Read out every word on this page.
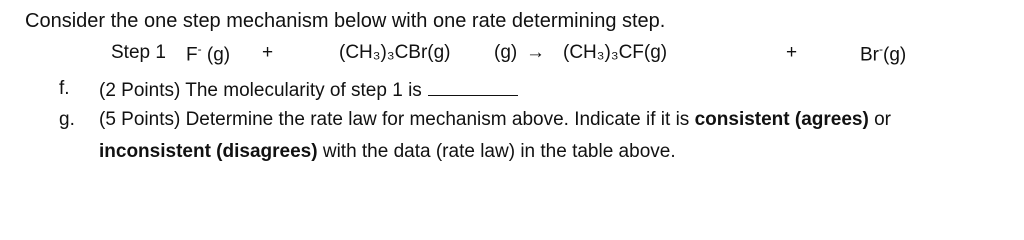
Consider the one step mechanism below with one rate determining step.
Step 1 F- (g) +	(CH₃)₃CBr(g) (g) → (CH₃)₃CF(g)	+	Br-(g)
f. (2 Points) The molecularity of step 1 is
g. (5 Points) Determine the rate law for mechanism above. Indicate if it is consistent (agrees) or
inconsistent (disagrees) with the data (rate law) in the table above.
